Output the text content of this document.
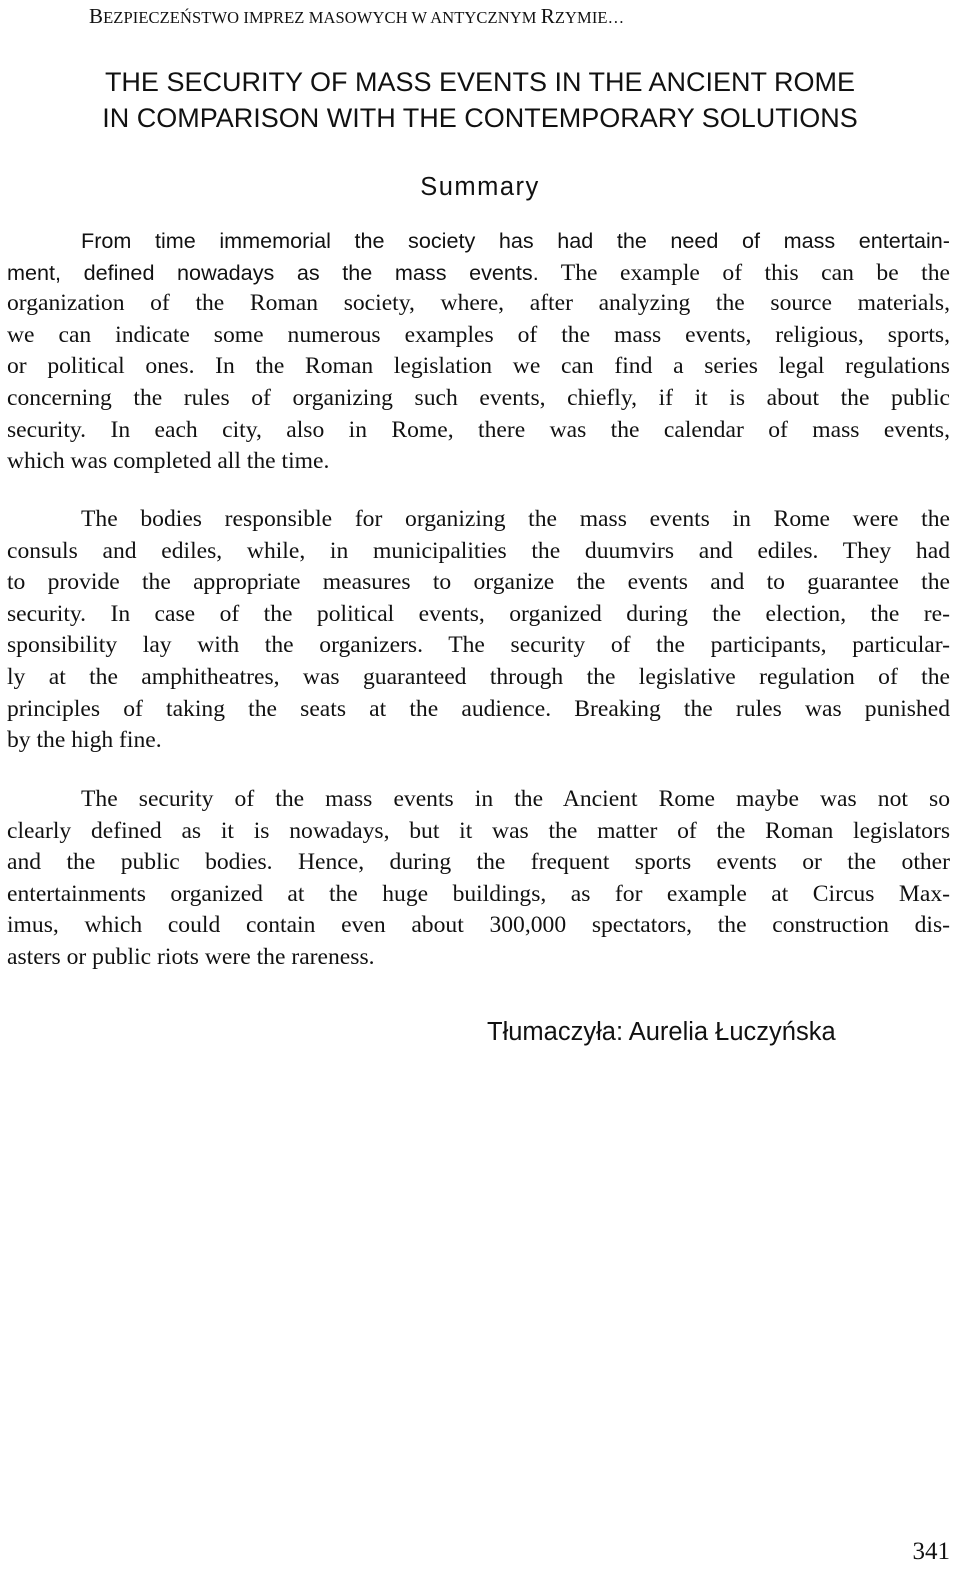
BEZPIECZEŃSTWO IMPREZ MASOWYCH W ANTYCZNYM RZYMIE…
THE SECURITY OF MASS EVENTS IN THE ANCIENT ROME
IN COMPARISON WITH THE CONTEMPORARY SOLUTIONS
Summary
From time immemorial the society has had the need of mass entertain-
ment, defined nowadays as the mass events. The example of this can be the
organization of the Roman society, where, after analyzing the source materials,
we can indicate some numerous examples of the mass events, religious, sports,
or political ones. In the Roman legislation we can find a series legal regulations
concerning the rules of organizing such events, chiefly, if it is about the public
security. In each city, also in Rome, there was the calendar of mass events,
which was completed all the time.
The bodies responsible for organizing the mass events in Rome were the
consuls and ediles, while, in municipalities the duumvirs and ediles. They had
to provide the appropriate measures to organize the events and to guarantee the
security. In case of the political events, organized during the election, the re-
sponsibility lay with the organizers. The security of the participants, particular-
ly at the amphitheatres, was guaranteed through the legislative regulation of the
principles of taking the seats at the audience. Breaking the rules was punished
by the high fine.
The security of the mass events in the Ancient Rome maybe was not so
clearly defined as it is nowadays, but it was the matter of the Roman legislators
and the public bodies. Hence, during the frequent sports events or the other
entertainments organized at the huge buildings, as for example at Circus Max-
imus, which could contain even about 300,000 spectators, the construction dis-
asters or public riots were the rareness.
Tłumaczyła: Aurelia Łuczyńska
341
